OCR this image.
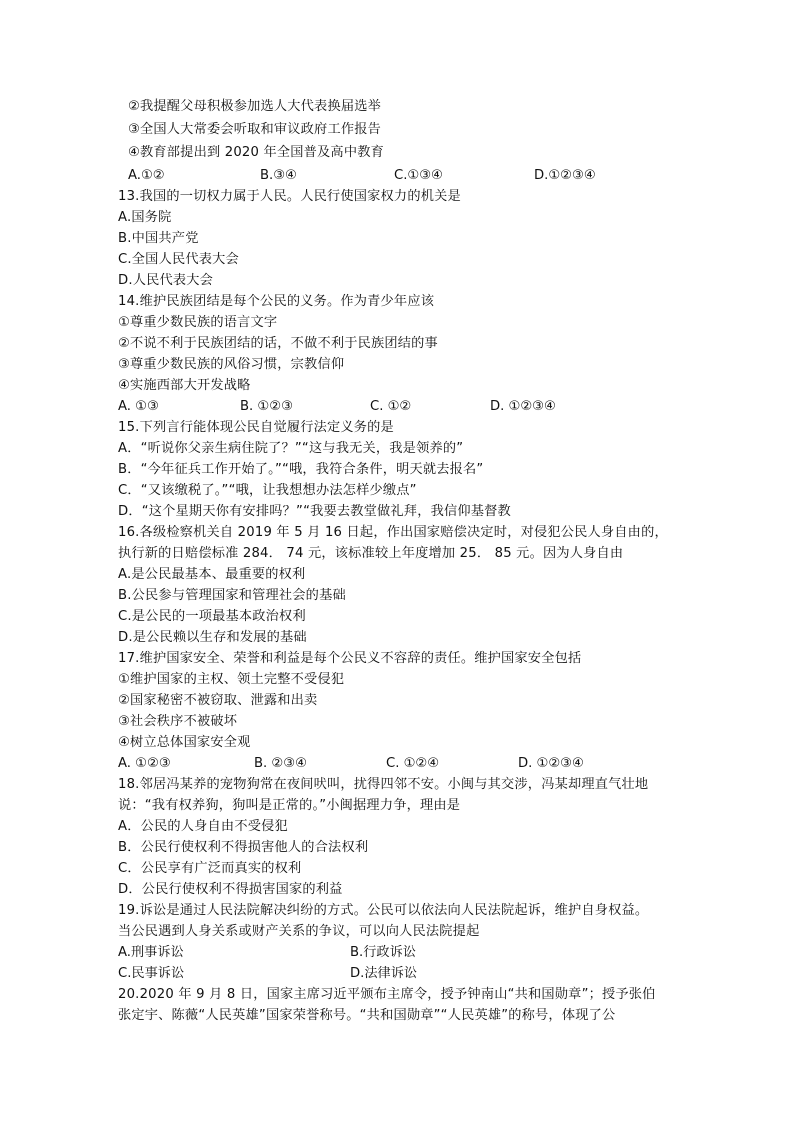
②我提醒父母积极参加选人大代表换届选举
③全国人大常委会听取和审议政府工作报告
④教育部提出到 2020 年全国普及高中教育

A.①②

	B.③④

	C.①③④

	D.①②③④

13.我国的一切权力属于人民。人民行使国家权力的机关是
A.国务院
B.中国共产党
C.全国人民代表大会
D.人民代表大会
14.维护民族团结是每个公民的义务。作为青少年应该
①尊重少数民族的语言文字
②不说不利于民族团结的话，不做不利于民族团结的事
③尊重少数民族的风俗习惯，宗教信仰
④实施西部大开发战略

A. ①③

	B. ①②③

	C. ①②

	D. ①②③④

15.下列言行能体现公民自觉履行法定义务的是
A．“听说你父亲生病住院了？”“这与我无关，我是领养的”
B．“今年征兵工作开始了。”“哦，我符合条件，明天就去报名”
C．“又该缴税了。”“哦，让我想想办法怎样少缴点”
D．“这个星期天你有安排吗？”“我要去教堂做礼拜，我信仰基督教
16.各级检察机关自 2019 年 5 月 16 日起，作出国家赔偿决定时，对侵犯公民人身自由的，
执行新的日赔偿标准 284． 74 元，该标准较上年度增加 25． 85 元。因为人身自由
A.是公民最基本、最重要的权利
B.公民参与管理国家和管理社会的基础
C.是公民的一项最基本政治权利
D.是公民赖以生存和发展的基础
17.维护国家安全、荣誉和利益是每个公民义不容辞的责任。维护国家安全包括
①维护国家的主权、领土完整不受侵犯
②国家秘密不被窃取、泄露和出卖
③社会秩序不被破坏
④树立总体国家安全观

A. ①②③

	B. ②③④

	C. ①②④

	D. ①②③④

18.邻居冯某养的宠物狗常在夜间吠叫，扰得四邻不安。小闽与其交涉，冯某却理直气壮地
说：“我有权养狗，狗叫是正常的。”小闽据理力争，理由是
A．公民的人身自由不受侵犯
B．公民行使权利不得损害他人的合法权利
C．公民享有广泛而真实的权利
D．公民行使权利不得损害国家的利益
19.诉讼是通过人民法院解决纠纷的方式。公民可以依法向人民法院起诉，维护自身权益。
当公民遇到人身关系或财产关系的争议，可以向人民法院提起

A.刑事诉讼

	B.行政诉讼

C.民事诉讼

	D.法律诉讼

20.2020 年 9 月 8 日，国家主席习近平颁布主席令，授予钟南山“共和国勋章”；授予张伯
张定宇、陈薇“人民英雄”国家荣誉称号。“共和国勋章”“人民英雄”的称号，体现了公
